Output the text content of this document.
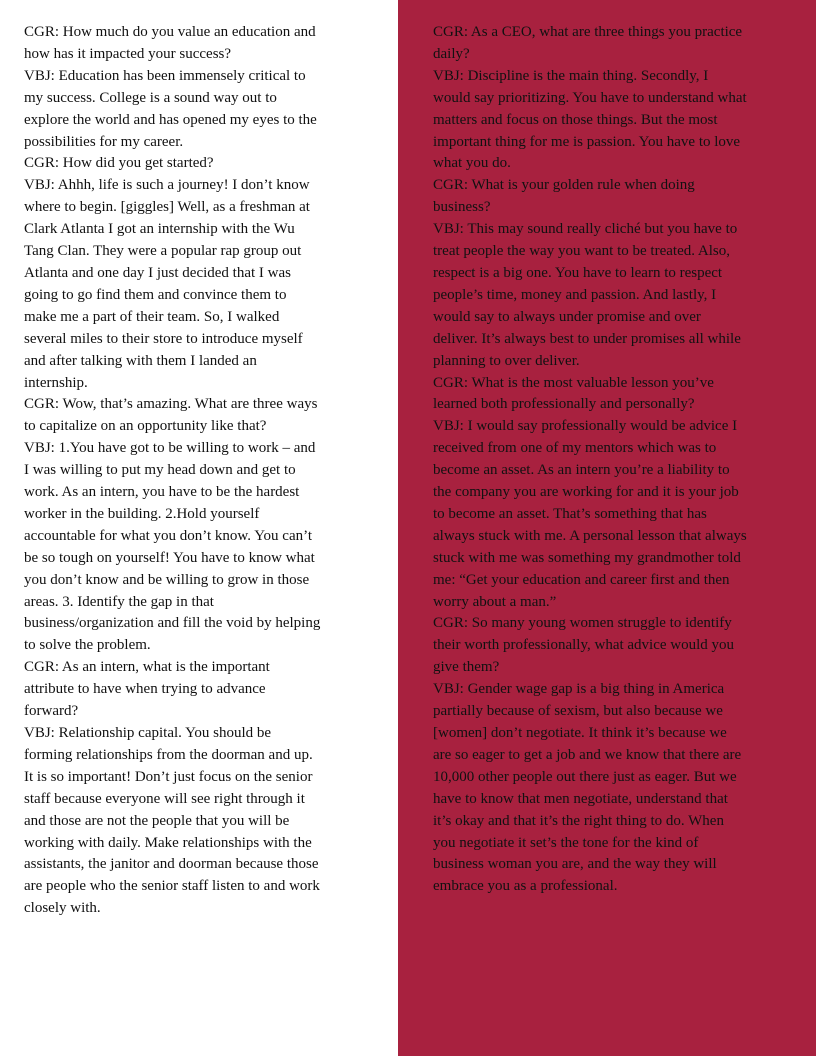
CGR: How much do you value an education and how has it impacted your success?

VBJ: Education has been immensely critical to my success. College is a sound way out to explore the world and has opened my eyes to the possibilities for my career.

CGR: How did you get started?

VBJ: Ahhh, life is such a journey! I don’t know where to begin. [giggles] Well, as a freshman at Clark Atlanta I got an internship with the Wu Tang Clan. They were a popular rap group out Atlanta and one day I just decided that I was going to go find them and convince them to make me a part of their team. So, I walked several miles to their store to introduce myself and after talking with them I landed an internship.

CGR: Wow, that’s amazing. What are three ways to capitalize on an opportunity like that?

VBJ: 1.You have got to be willing to work – and I was willing to put my head down and get to work. As an intern, you have to be the hardest worker in the building. 2.Hold yourself accountable for what you don’t know. You can’t be so tough on yourself! You have to know what you don’t know and be willing to grow in those areas. 3. Identify the gap in that business/organization and fill the void by helping to solve the problem.

CGR: As an intern, what is the important attribute to have when trying to advance forward?

VBJ: Relationship capital. You should be forming relationships from the doorman and up. It is so important! Don’t just focus on the senior staff because everyone will see right through it and those are not the people that you will be working with daily. Make relationships with the assistants, the janitor and doorman because those are people who the senior staff listen to and work closely with.

CGR: As a CEO, what are three things you practice daily?

VBJ: Discipline is the main thing. Secondly, I would say prioritizing. You have to understand what matters and focus on those things. But the most important thing for me is passion. You have to love what you do.

CGR: What is your golden rule when doing business?

VBJ: This may sound really cliché but you have to treat people the way you want to be treated. Also, respect is a big one. You have to learn to respect people’s time, money and passion. And lastly, I would say to always under promise and over deliver. It’s always best to under promises all while planning to over deliver.

CGR: What is the most valuable lesson you’ve learned both professionally and personally?

VBJ: I would say professionally would be advice I received from one of my mentors which was to become an asset. As an intern you’re a liability to the company you are working for and it is your job to become an asset. That’s something that has always stuck with me. A personal lesson that always stuck with me was something my grandmother told me: “Get your education and career first and then worry about a man.”

CGR: So many young women struggle to identify their worth professionally, what advice would you give them?

VBJ: Gender wage gap is a big thing in America partially because of sexism, but also because we [women] don’t negotiate. It think it’s because we are so eager to get a job and we know that there are 10,000 other people out there just as eager. But we have to know that men negotiate, understand that it’s okay and that it’s the right thing to do. When you negotiate it set’s the tone for the kind of business woman you are, and the way they will embrace you as a professional.
